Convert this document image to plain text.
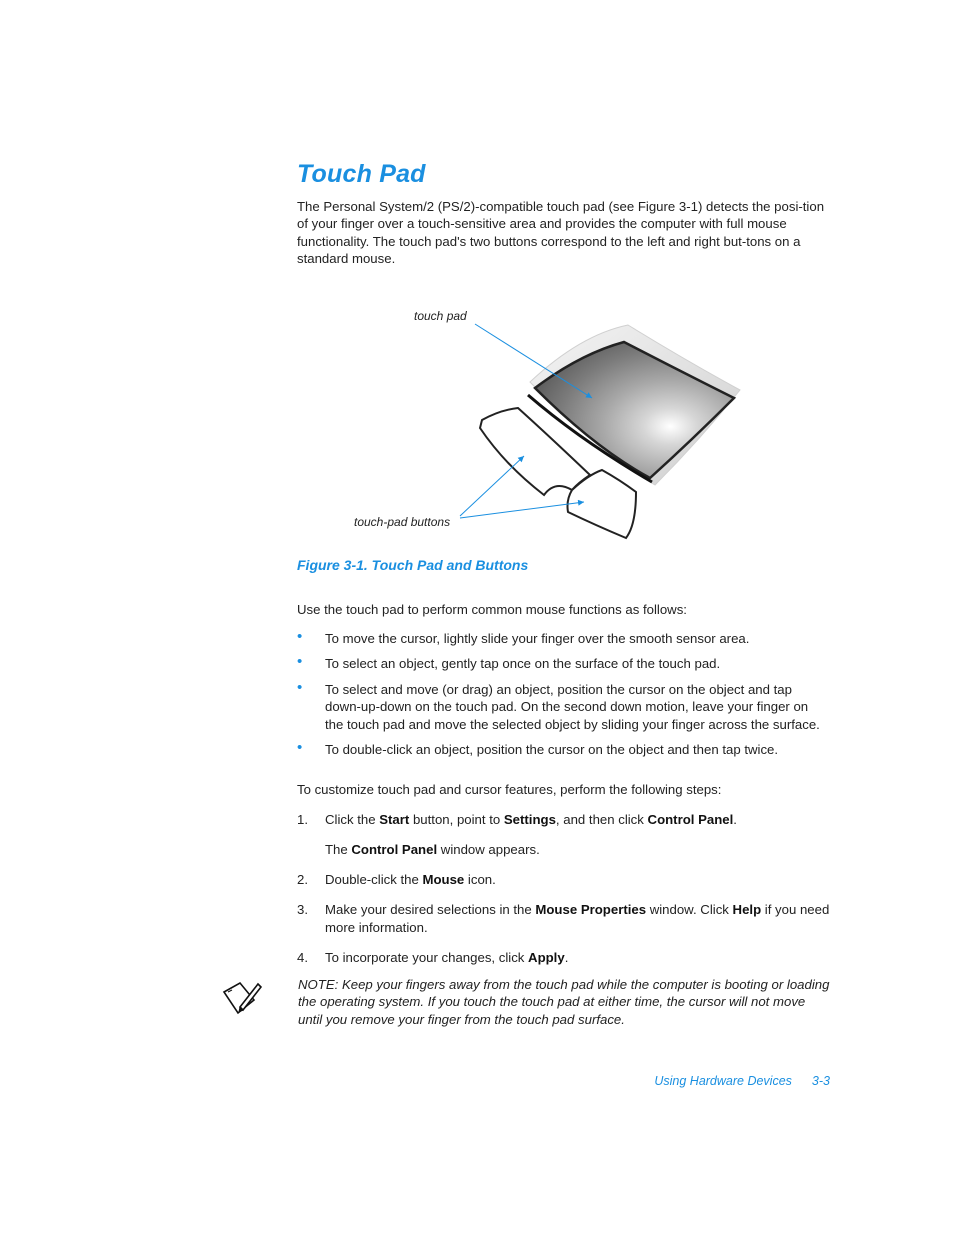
Touch Pad

The Personal System/2 (PS/2)-compatible touch pad (see Figure 3-1) detects the posi-tion of your finger over a touch-sensitive area and provides the computer with full mouse functionality. The touch pad's two buttons correspond to the left and right but-tons on a standard mouse.

touch pad
touch-pad buttons

Figure 3-1. Touch Pad and Buttons

Use the touch pad to perform common mouse functions as follows:

• To move the cursor, lightly slide your finger over the smooth sensor area.
• To select an object, gently tap once on the surface of the touch pad.
• To select and move (or drag) an object, position the cursor on the object and tap down-up-down on the touch pad. On the second down motion, leave your finger on the touch pad and move the selected object by sliding your finger across the surface.
• To double-click an object, position the cursor on the object and then tap twice.

To customize touch pad and cursor features, perform the following steps:

1. Click the Start button, point to Settings, and then click Control Panel.
The Control Panel window appears.
2. Double-click the Mouse icon.
3. Make your desired selections in the Mouse Properties window. Click Help if you need more information.
4. To incorporate your changes, click Apply.

NOTE: Keep your fingers away from the touch pad while the computer is booting or loading the operating system. If you touch the touch pad at either time, the cursor will not move until you remove your finger from the touch pad surface.

Using Hardware Devices 3-3
